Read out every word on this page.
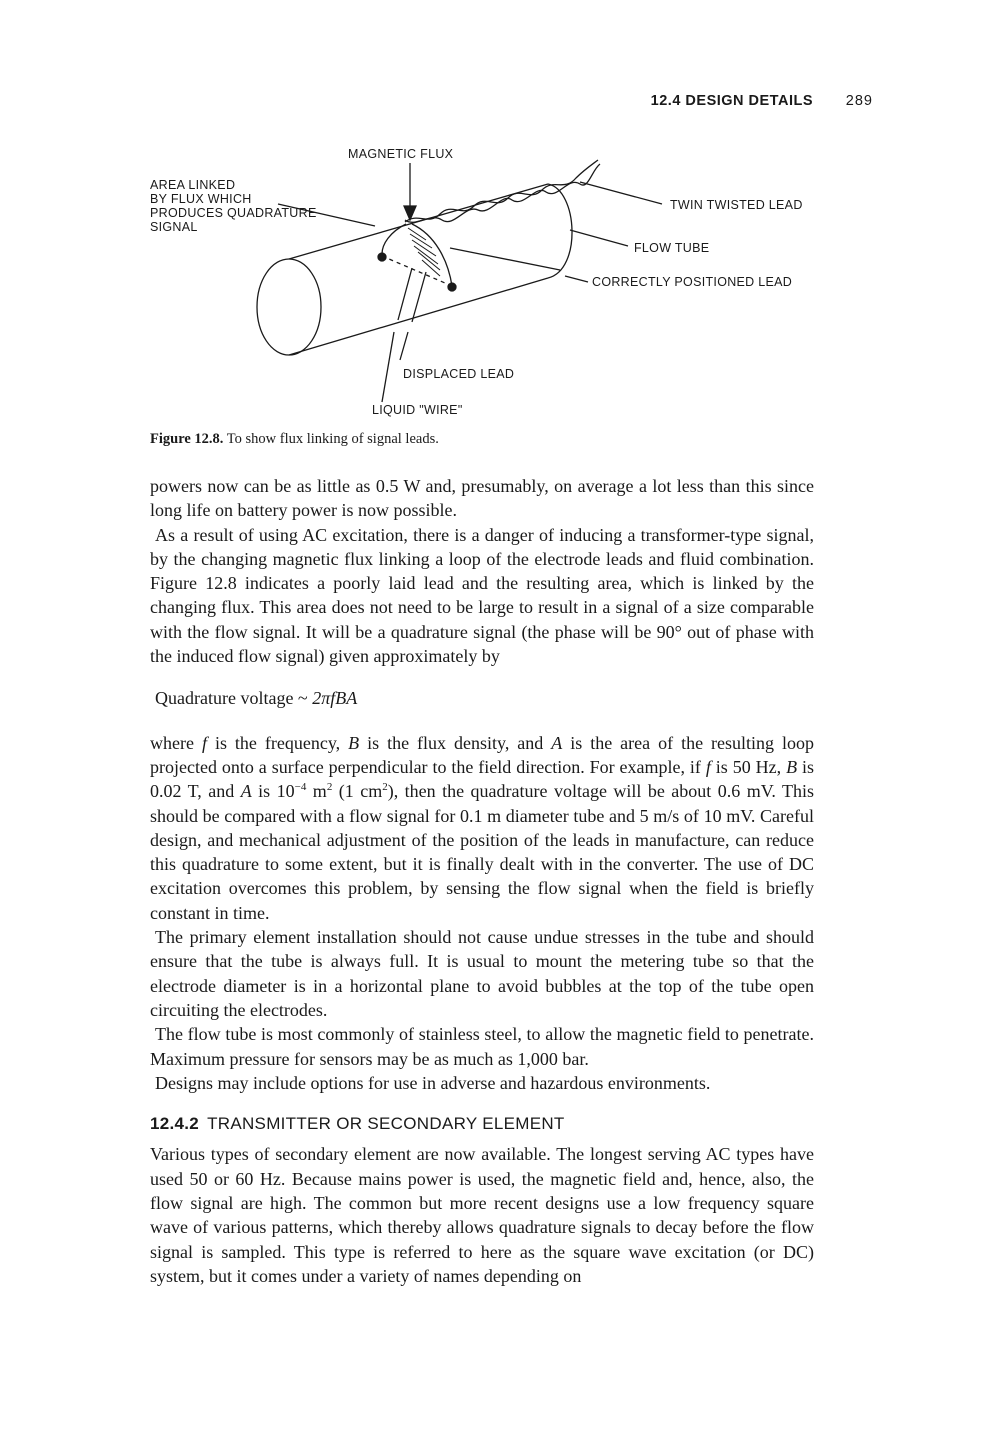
12.4 DESIGN DETAILS 289
MAGNETIC FLUX
AREA LINKED
BY FLUX WHICH
PRODUCES QUADRATURE
SIGNAL
TWIN TWISTED LEAD
FLOW TUBE
CORRECTLY POSITIONED LEAD
DISPLACED LEAD
LIQUID "WIRE"
Figure 12.8. To show flux linking of signal leads.

powers now can be as little as 0.5 W and, presumably, on average a lot less than this since long life on battery power is now possible.

As a result of using AC excitation, there is a danger of inducing a transformer-type signal, by the changing magnetic flux linking a loop of the electrode leads and fluid combination. Figure 12.8 indicates a poorly laid lead and the resulting area, which is linked by the changing flux. This area does not need to be large to result in a signal of a size comparable with the flow signal. It will be a quadrature signal (the phase will be 90° out of phase with the induced flow signal) given approximately by

Quadrature voltage ~ 2πfBA

where f is the frequency, B is the flux density, and A is the area of the resulting loop projected onto a surface perpendicular to the field direction. For example, if f is 50 Hz, B is 0.02 T, and A is $10^{-4}$ $m^2$ (1 $cm^2$), then the quadrature voltage will be about 0.6 mV. This should be compared with a flow signal for 0.1 m diameter tube and 5 m/s of 10 mV. Careful design, and mechanical adjustment of the position of the leads in manufacture, can reduce this quadrature to some extent, but it is finally dealt with in the converter. The use of DC excitation overcomes this problem, by sensing the flow signal when the field is briefly constant in time.

The primary element installation should not cause undue stresses in the tube and should ensure that the tube is always full. It is usual to mount the metering tube so that the electrode diameter is in a horizontal plane to avoid bubbles at the top of the tube open circuiting the electrodes.

The flow tube is most commonly of stainless steel, to allow the magnetic field to penetrate. Maximum pressure for sensors may be as much as 1,000 bar.

Designs may include options for use in adverse and hazardous environments.

12.4.2 TRANSMITTER OR SECONDARY ELEMENT

Various types of secondary element are now available. The longest serving AC types have used 50 or 60 Hz. Because mains power is used, the magnetic field and, hence, also, the flow signal are high. The common but more recent designs use a low frequency square wave of various patterns, which thereby allows quadrature signals to decay before the flow signal is sampled. This type is referred to here as the square wave excitation (or DC) system, but it comes under a variety of names depending on
